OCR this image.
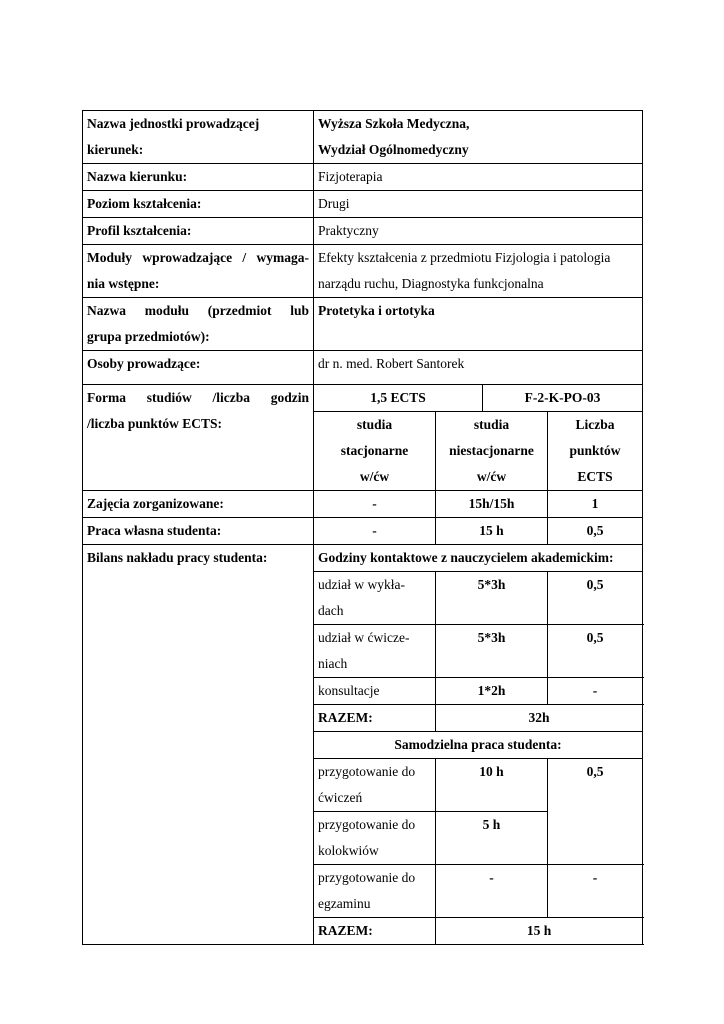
Nazwa jednostki prowadzącej
kierunek:	Wyższa Szkoła Medyczna,
Wydział Ogólnomedyczny			

Nazwa kierunku:	Fizjoterapia			
Poziom kształcenia:	Drugi			
Profil kształcenia:	Praktyczny			

Moduły wprowadzające / wymaga-
nia wstępne:	Efekty kształcenia z przedmiotu Fizjologia i patologia
narządu ruchu, Diagnostyka funkcjonalna			

Nazwa modułu (przedmiot lub
grupa przedmiotów):	Protetyka i ortotyka			
Osoby prowadzące:	dr n. med. Robert Santorek			

Forma studiów /liczba godzin
/liczba punktów ECTS:	1,5 ECTS		F-2-K-PO-03	

	studia
stacjonarne
w/ćw	studia
niestacjonarne
w/ćw		Liczba
punktów
ECTS

Zajęcia zorganizowane:	-	15h/15h		1
Praca własna studenta:	-	15 h		0,5
Bilans nakładu pracy studenta:	Godziny kontaktowe z nauczycielem akademickim:			

	udział w wykła-
dach	5*3h		0,5

	udział w ćwicze-
niach	5*3h		0,5
	konsultacje	1*2h		-
	RAZEM:	32h		
	Samodzielna praca studenta:			

	przygotowanie do
ćwiczeń	10 h		0,5

	przygotowanie do
kolokwiów	5 h		

	przygotowanie do
egzaminu	-		-
	RAZEM:	15 h		
